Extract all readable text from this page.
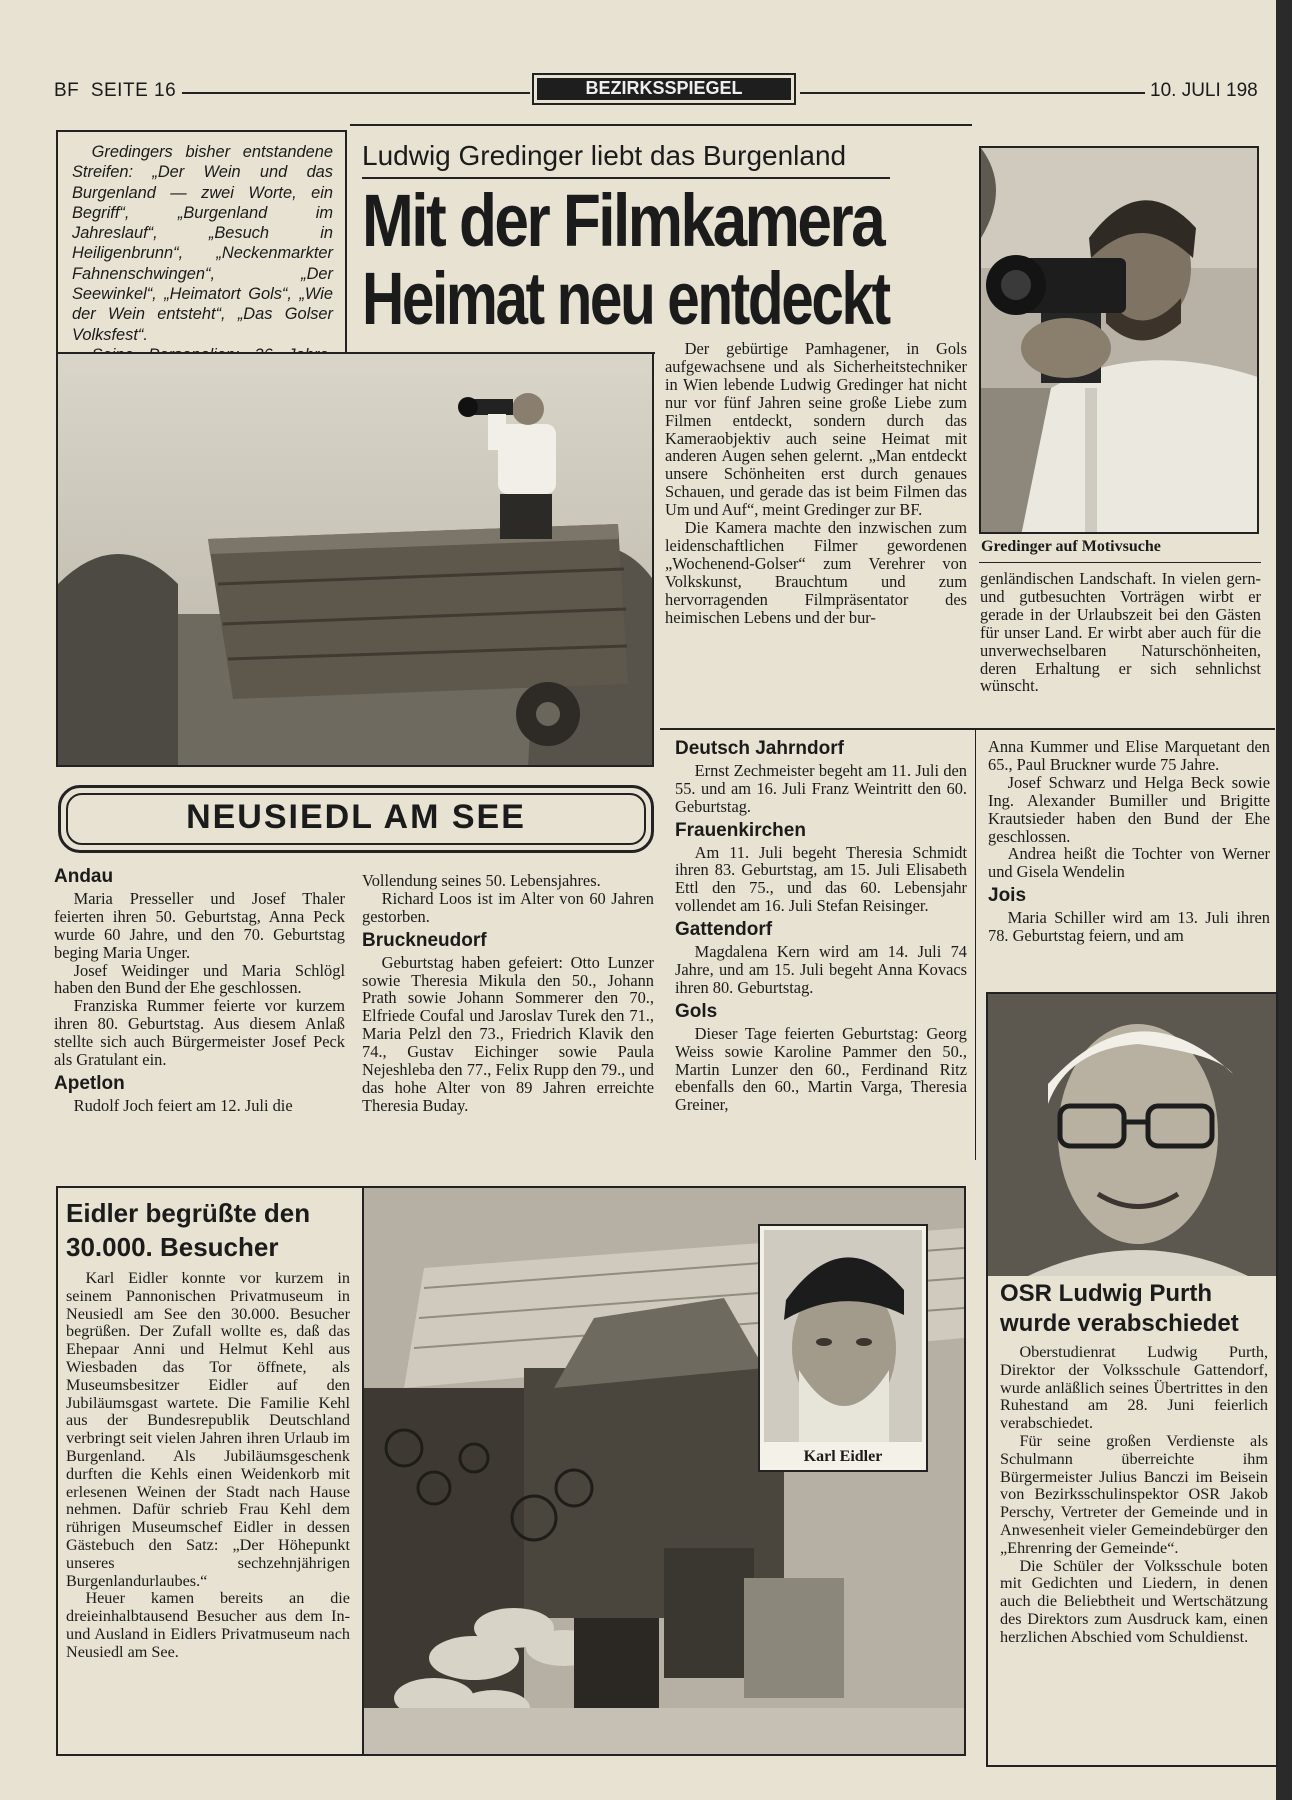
BF  SEITE 16	BEZIRKSSPIEGEL	10. JULI 198

Gredingers bisher entstandene Streifen: „Der Wein und das Burgenland — zwei Worte, ein Begriff“, „Burgenland im Jahreslauf“, „Besuch in Heiligenbrunn“, „Neckenmarkter Fahnenschwingen“, „Der Seewinkel“, „Heimatort Gols“, „Wie der Wein entsteht“, „Das Golser Volksfest“.

Ludwig Gredinger liebt das Burgenland
Mit der Filmkamera
Heimat neu entdeckt

Der gebürtige Pamhagener, in Gols aufgewachsene und als Sicherheitstechniker in Wien lebende Ludwig Gredinger hat nicht nur vor fünf Jahren seine große Liebe zum Filmen entdeckt, sondern durch das Kameraobjektiv auch seine Heimat mit anderen Augen sehen gelernt. „Man entdeckt unsere Schönheiten erst durch genaues Schauen, und gerade das ist beim Filmen das Um und Auf“, meint Gredinger zur BF.

Die Kamera machte den inzwischen zum leidenschaftlichen Filmer gewordenen „Wochenend-Golser“ zum Verehrer von Volkskunst, Brauchtum und zum hervorragenden Filmpräsentator des heimischen Lebens und der bur-

Gredinger auf Motivsuche

genländischen Landschaft. In vielen gern- und gutbesuchten Vorträgen wirbt er gerade in der Urlaubszeit bei den Gästen für unser Land. Er wirbt aber auch für die unverwechselbaren Naturschönheiten, deren Erhaltung er sich sehnlichst wünscht.

NEUSIEDL AM SEE
Andau

Maria Presseller und Josef Thaler feierten ihren 50. Geburtstag, Anna Peck wurde 60 Jahre, und den 70. Geburtstag beging Maria Unger.

Josef Weidinger und Maria Schlögl haben den Bund der Ehe geschlossen.

Franziska Rummer feierte vor kurzem ihren 80. Geburtstag. Aus diesem Anlaß stellte sich auch Bürgermeister Josef Peck als Gratulant ein.

Apetlon

Rudolf Joch feiert am 12. Juli die

Vollendung seines 50. Lebensjahres.

Richard Loos ist im Alter von 60 Jahren gestorben.

Bruckneudorf

Geburtstag haben gefeiert: Otto Lunzer sowie Theresia Mikula den 50., Johann Prath sowie Johann Sommerer den 70., Elfriede Coufal und Jaroslav Turek den 71., Maria Pelzl den 73., Friedrich Klavik den 74., Gustav Eichinger sowie Paula Nejeshleba den 77., Felix Rupp den 79., und das hohe Alter von 89 Jahren erreichte Theresia Buday.

Deutsch Jahrndorf

Ernst Zechmeister begeht am 11. Juli den 55. und am 16. Juli Franz Weintritt den 60. Geburtstag.

Frauenkirchen

Am 11. Juli begeht Theresia Schmidt ihren 83. Geburtstag, am 15. Juli Elisabeth Ettl den 75., und das 60. Lebensjahr vollendet am 16. Juli Stefan Reisinger.

Gattendorf

Magdalena Kern wird am 14. Juli 74 Jahre, und am 15. Juli begeht Anna Kovacs ihren 80. Geburtstag.

Gols

Dieser Tage feierten Geburtstag: Georg Weiss sowie Karoline Pammer den 50., Martin Lunzer den 60., Ferdinand Ritz ebenfalls den 60., Martin Varga, Theresia Greiner,

Anna Kummer und Elise Marquetant den 65., Paul Bruckner wurde 75 Jahre.

Josef Schwarz und Helga Beck sowie Ing. Alexander Bumiller und Brigitte Krautsieder haben den Bund der Ehe geschlossen.

Andrea heißt die Tochter von Werner und Gisela Wendelin

Jois

Maria Schiller wird am 13. Juli ihren 78. Geburtstag feiern, und am

Eidler begrüßte den
30.000. Besucher

Karl Eidler konnte vor kurzem in seinem Pannonischen Privatmuseum in Neusiedl am See den 30.000. Besucher begrüßen. Der Zufall wollte es, daß das Ehepaar Anni und Helmut Kehl aus Wiesbaden das Tor öffnete, als Museumsbesitzer Eidler auf den Jubiläumsgast wartete. Die Familie Kehl aus der Bundesrepublik Deutschland verbringt seit vielen Jahren ihren Urlaub im Burgenland. Als Jubiläumsgeschenk durften die Kehls einen Weidenkorb mit erlesenen Weinen der Stadt nach Hause nehmen. Dafür schrieb Frau Kehl dem rührigen Museumschef Eidler in dessen Gästebuch den Satz: „Der Höhepunkt unseres sechzehnjährigen Burgenlandurlaubes.“

Heuer kamen bereits an die dreieinhalbtausend Besucher aus dem In- und Ausland in Eidlers Privatmuseum nach Neusiedl am See.

Karl Eidler
OSR Ludwig Purth
wurde verabschiedet

Oberstudienrat Ludwig Purth, Direktor der Volksschule Gattendorf, wurde anläßlich seines Übertrittes in den Ruhestand am 28. Juni feierlich verabschiedet.

Für seine großen Verdienste als Schulmann überreichte ihm Bürgermeister Julius Banczi im Beisein von Bezirksschulinspektor OSR Jakob Perschy, Vertreter der Gemeinde und in Anwesenheit vieler Gemeindebürger den „Ehrenring der Gemeinde“.

Die Schüler der Volksschule boten mit Gedichten und Liedern, in denen auch die Beliebtheit und Wertschätzung des Direktors zum Ausdruck kam, einen herzlichen Abschied vom Schuldienst.
